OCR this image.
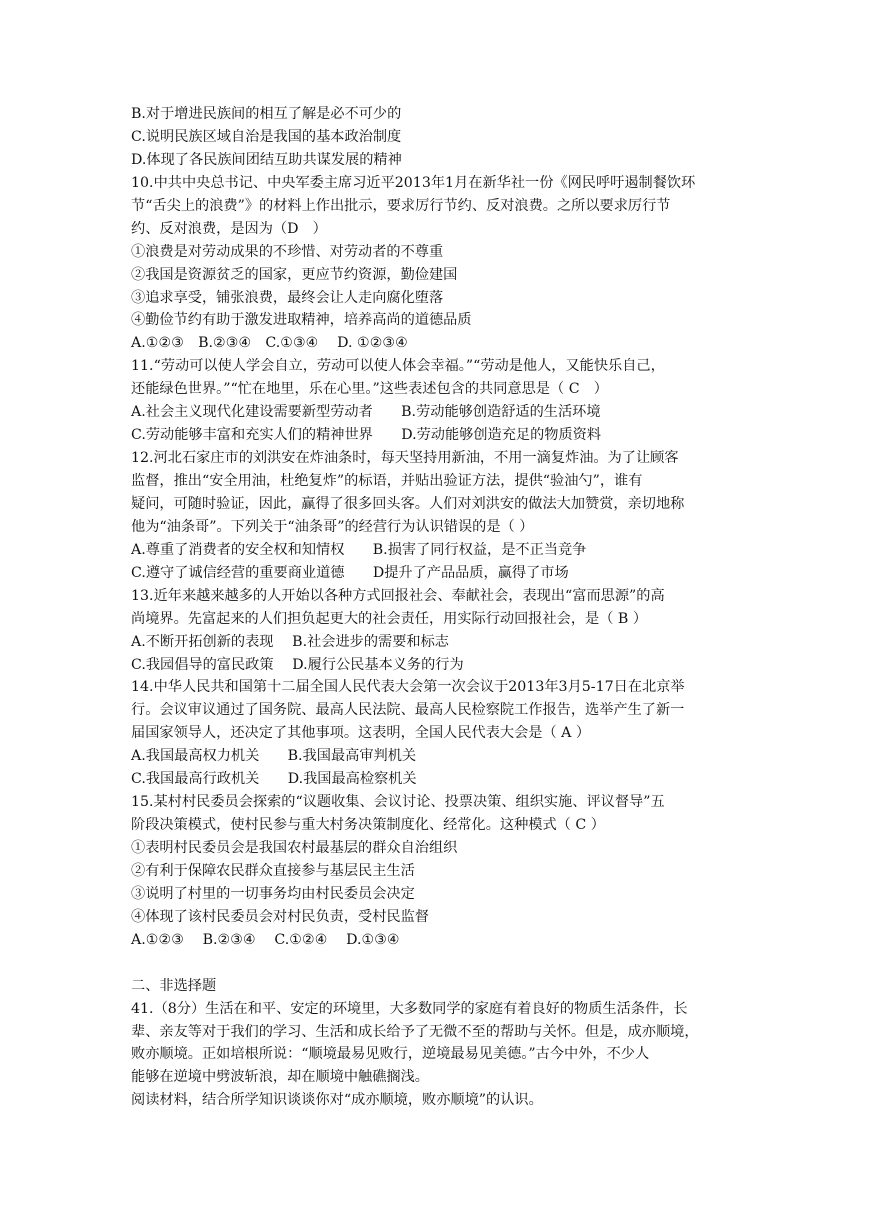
B.对于增进民族间的相互了解是必不可少的
C.说明民族区域自治是我国的基本政治制度
D.体现了各民族间团结互助共谋发展的精神
10.中共中央总书记、中央军委主席习近平2013年1月在新华社一份《网民呼吁遏制餐饮环
节“舌尖上的浪费”》的材料上作出批示，要求厉行节约、反对浪费。之所以要求厉行节
约、反对浪费，是因为（D　）
①浪费是对劳动成果的不珍惜、对劳动者的不尊重
②我国是资源贫乏的国家，更应节约资源，勤俭建国
③追求享受，铺张浪费，最终会让人走向腐化堕落
④勤俭节约有助于激发进取精神，培养高尚的道德品质
A.①②③　B.②③④　C.①③④　 D. ①②③④
11.“劳动可以使人学会自立，劳动可以使人体会幸福。”“劳动是他人，又能快乐自己，
还能绿色世界。”“忙在地里，乐在心里。”这些表述包含的共同意思是（ C　）
A.社会主义现代化建设需要新型劳动者　　B.劳动能够创造舒适的生活环境
C.劳动能够丰富和充实人们的精神世界　　D.劳动能够创造充足的物质资料
12.河北石家庄市的刘洪安在炸油条时，每天坚持用新油，不用一滴复炸油。为了让顾客
监督，推出“安全用油，杜绝复炸”的标语，并贴出验证方法，提供“验油勺”，谁有
疑问，可随时验证，因此，赢得了很多回头客。人们对刘洪安的做法大加赞赏，亲切地称
他为“油条哥”。下列关于“油条哥”的经营行为认识错误的是（ ）
A.尊重了消费者的安全权和知情权　　B.损害了同行权益，是不正当竞争
C.遵守了诚信经营的重要商业道德　　D提升了产品品质，赢得了市场
13.近年来越来越多的人开始以各种方式回报社会、奉献社会，表现出“富而思源”的高
尚境界。先富起来的人们担负起更大的社会责任，用实际行动回报社会，是（ B ）
A.不断开拓创新的表现　 B.社会进步的需要和标志
C.我园倡导的富民政策　 D.履行公民基本义务的行为
14.中华人民共和国第十二届全国人民代表大会第一次会议于2013年3月5-17日在北京举
行。会议审议通过了国务院、最高人民法院、最高人民检察院工作报告，选举产生了新一
届国家领导人，还决定了其他事项。这表明，全国人民代表大会是（ A ）
A.我国最高权力机关　　B.我国最高审判机关
C.我国最高行政机关　　D.我国最高检察机关
15.某村村民委员会探索的“议题收集、会议讨论、投票决策、组织实施、评议督导”五
阶段决策模式，使村民参与重大村务决策制度化、经常化。这种模式（ C ）
①表明村民委员会是我国农村最基层的群众自治组织
②有利于保障农民群众直接参与基层民主生活
③说明了村里的一切事务均由村民委员会决定
④体现了该村民委员会对村民负责，受村民监督
A.①②③　 B.②③④　 C.①②④　 D.①③④
二、非选择题
41.（8分）生活在和平、安定的环境里，大多数同学的家庭有着良好的物质生活条件，长
辈、亲友等对于我们的学习、生活和成长给予了无微不至的帮助与关怀。但是，成亦顺境，
败亦顺境。正如培根所说：“顺境最易见败行，逆境最易见美德。”古今中外，不少人
能够在逆境中劈波斩浪，却在顺境中触礁搁浅。
阅读材料，结合所学知识谈谈你对“成亦顺境，败亦顺境”的认识。
